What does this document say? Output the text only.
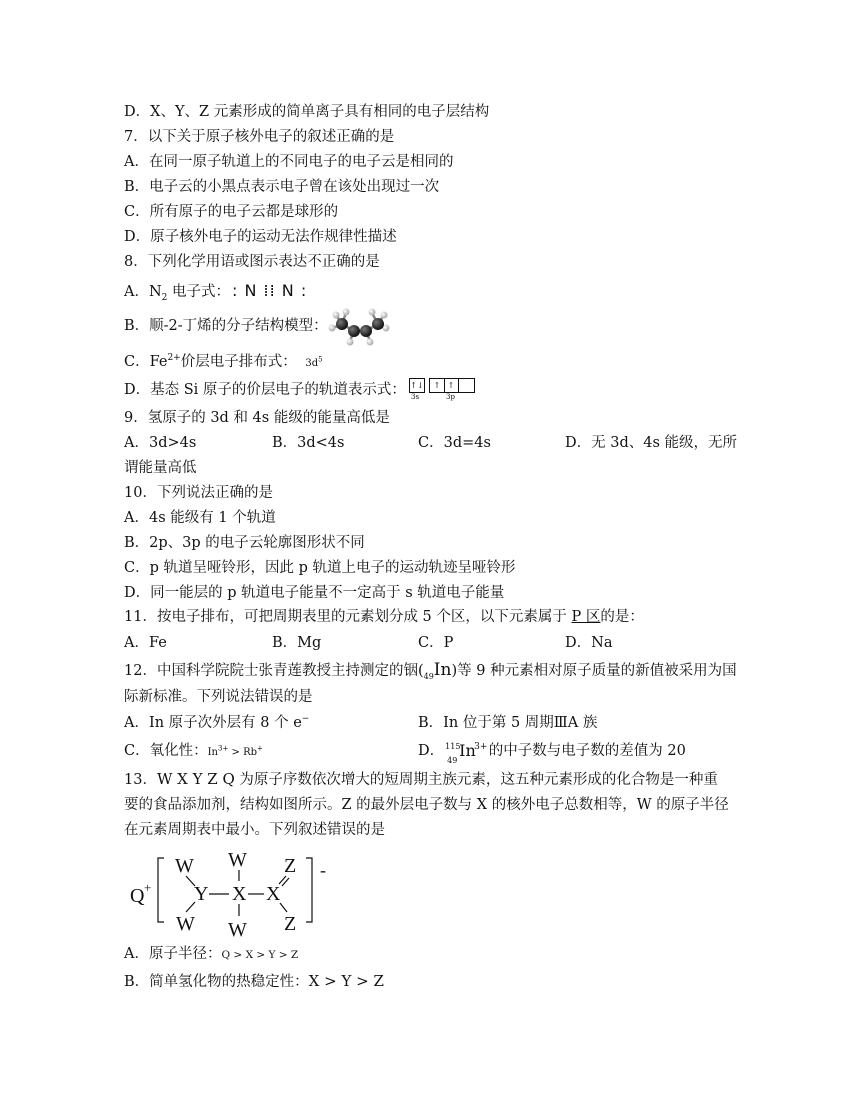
D．X、Y、Z 元素形成的简单离子具有相同的电子层结构
7．以下关于原子核外电子的叙述正确的是
A．在同一原子轨道上的不同电子的电子云是相同的
B．电子云的小黑点表示电子曾在该处出现过一次
C．所有原子的电子云都是球形的
D．原子核外电子的运动无法作规律性描述
8．下列化学用语或图示表达不正确的是
A．$N_2$ 电子式： : N ⁞⁞ N :
B．顺-2-丁烯的分子结构模型：
C．$Fe^{2+}$价层电子排布式： $3d^5$
D．基态 Si 原子的价层电子的轨道表示式： ↑↓	↑ ↑
3s	3p
9．氢原子的 3d 和 4s 能级的能量高低是
A．3d>4s	B．3d<4s	C．3d=4s	D．无 3d、4s 能级，无所
谓能量高低
10．下列说法正确的是
A．4s 能级有 1 个轨道
B．2p、3p 的电子云轮廓图形状不同
C．p 轨道呈哑铃形，因此 p 轨道上电子的运动轨迹呈哑铃形
D．同一能层的 p 轨道电子能量不一定高于 s 轨道电子能量
11．按电子排布，可把周期表里的元素划分成 5 个区，以下元素属于 P 区的是：
A．Fe	B．Mg	C．P	D．Na
12．中国科学院院士张青莲教授主持测定的铟$(_{49}In)$等 9 种元素相对原子质量的新值被采用为国
际新标准。下列说法错误的是
A．In 原子次外层有 8 个 e−	B．In 位于第 5 周期ⅢA 族
C．氧化性：$In^{3+} > Rb^+$	D． 115
49
In
3+
的中子数与电子数的差值为 20
13．W X Y Z Q 为原子序数依次增大的短周期主族元素，这五种元素形成的化合物是一种重
要的食品添加剂，结构如图所示。Z 的最外层电子数与 X 的核外电子总数相等，W 的原子半径
在元素周期表中最小。下列叙述错误的是
Q +
W W Z
Y X X
W W Z
-
A．原子半径：Q > X > Y > Z
B．简单氢化物的热稳定性：X > Y > Z
